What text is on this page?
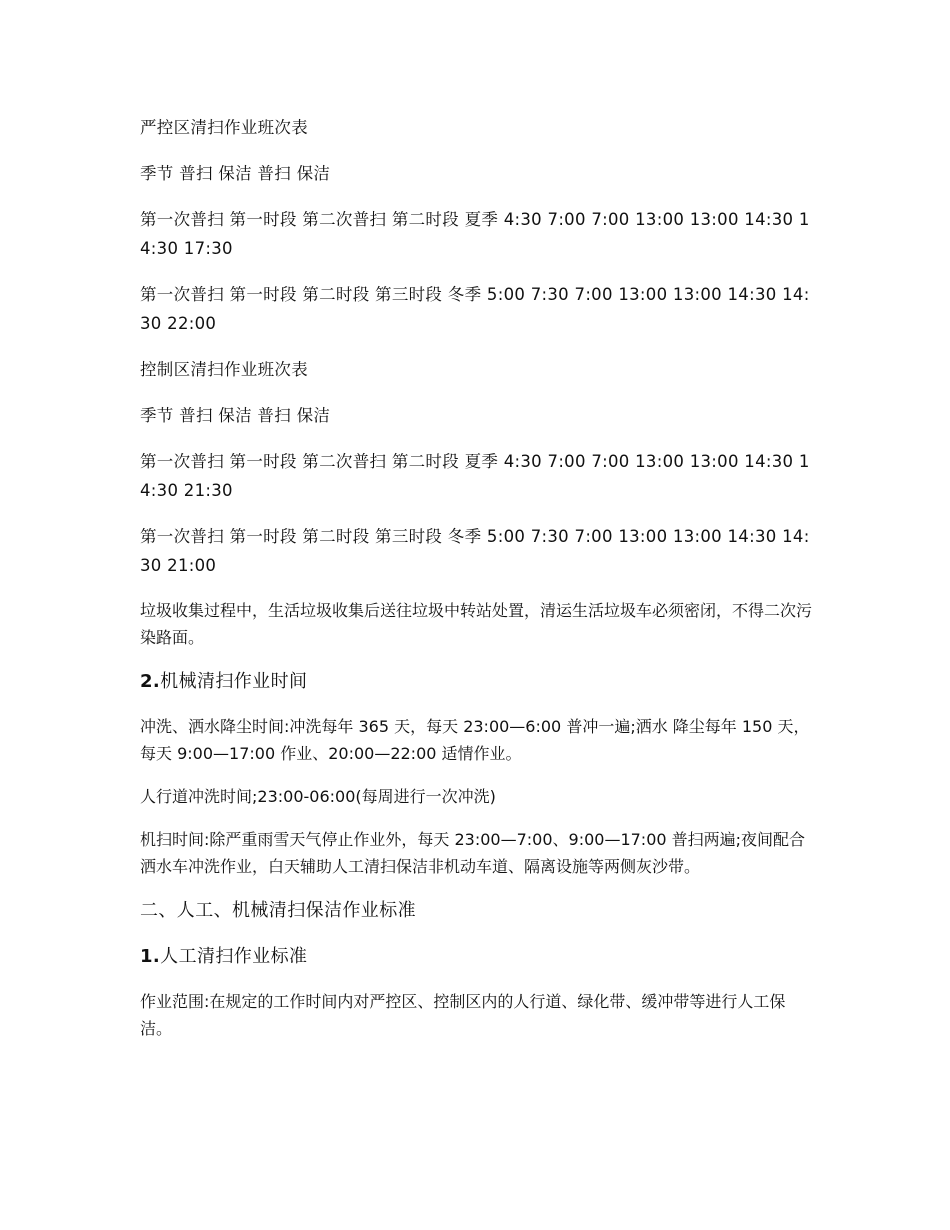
严控区清扫作业班次表

季节 普扫 保洁 普扫 保洁

第一次普扫 第一时段 第二次普扫 第二时段 夏季 4:30 7:00 7:00 13:00 13:00 14:30 14:30 17:30

第一次普扫 第一时段 第二时段 第三时段 冬季 5:00 7:30 7:00 13:00 13:00 14:30 14:30 22:00

控制区清扫作业班次表

季节 普扫 保洁 普扫 保洁

第一次普扫 第一时段 第二次普扫 第二时段 夏季 4:30 7:00 7:00 13:00 13:00 14:30 14:30 21:30

第一次普扫 第一时段 第二时段 第三时段 冬季 5:00 7:30 7:00 13:00 13:00 14:30 14:30 21:00

垃圾收集过程中，生活垃圾收集后送往垃圾中转站处置，清运生活垃圾车必须密闭，不得二次污染路面。

2.机械清扫作业时间

冲洗、洒水降尘时间:冲洗每年 365 天，每天 23:00—6:00 普冲一遍;洒水 降尘每年 150 天，每天 9:00—17:00 作业、20:00—22:00 适情作业。

人行道冲洗时间;23:00-06:00(每周进行一次冲洗)

机扫时间:除严重雨雪天气停止作业外，每天 23:00—7:00、9:00—17:00 普扫两遍;夜间配合洒水车冲洗作业，白天辅助人工清扫保洁非机动车道、隔离设施等两侧灰沙带。

二、人工、机械清扫保洁作业标准

1.人工清扫作业标准

作业范围:在规定的工作时间内对严控区、控制区内的人行道、绿化带、缓冲带等进行人工保洁。
